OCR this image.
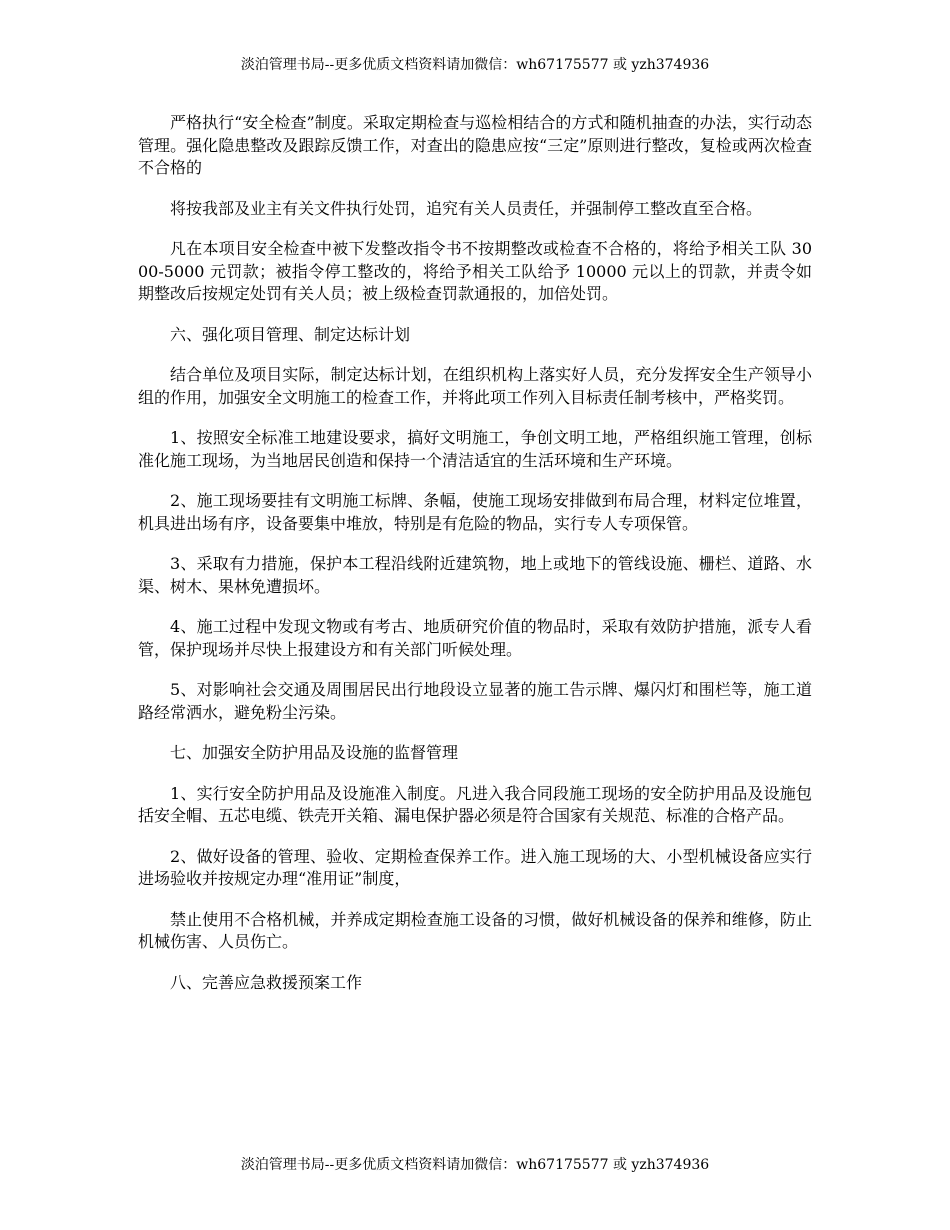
淡泊管理书局--更多优质文档资料请加微信：wh67175577 或 yzh374936

严格执行“安全检查”制度。采取定期检查与巡检相结合的方式和随机抽查的办法，实行动态管理。强化隐患整改及跟踪反馈工作，对查出的隐患应按“三定”原则进行整改，复检或两次检查不合格的

将按我部及业主有关文件执行处罚，追究有关人员责任，并强制停工整改直至合格。

凡在本项目安全检查中被下发整改指令书不按期整改或检查不合格的，将给予相关工队 3000-5000 元罚款；被指令停工整改的，将给予相关工队给予 10000 元以上的罚款，并责令如期整改后按规定处罚有关人员；被上级检查罚款通报的，加倍处罚。

六、强化项目管理、制定达标计划

结合单位及项目实际，制定达标计划，在组织机构上落实好人员，充分发挥安全生产领导小组的作用，加强安全文明施工的检查工作，并将此项工作列入目标责任制考核中，严格奖罚。

1、按照安全标准工地建设要求，搞好文明施工，争创文明工地，严格组织施工管理，创标准化施工现场，为当地居民创造和保持一个清洁适宜的生活环境和生产环境。

2、施工现场要挂有文明施工标牌、条幅，使施工现场安排做到布局合理，材料定位堆置，机具进出场有序，设备要集中堆放，特别是有危险的物品，实行专人专项保管。

3、采取有力措施，保护本工程沿线附近建筑物，地上或地下的管线设施、栅栏、道路、水渠、树木、果林免遭损坏。

4、施工过程中发现文物或有考古、地质研究价值的物品时，采取有效防护措施，派专人看管，保护现场并尽快上报建设方和有关部门听候处理。

5、对影响社会交通及周围居民出行地段设立显著的施工告示牌、爆闪灯和围栏等，施工道路经常洒水，避免粉尘污染。

七、加强安全防护用品及设施的监督管理

1、实行安全防护用品及设施准入制度。凡进入我合同段施工现场的安全防护用品及设施包括安全帽、五芯电缆、铁壳开关箱、漏电保护器必须是符合国家有关规范、标准的合格产品。

2、做好设备的管理、验收、定期检查保养工作。进入施工现场的大、小型机械设备应实行进场验收并按规定办理“准用证”制度，

禁止使用不合格机械，并养成定期检查施工设备的习惯，做好机械设备的保养和维修，防止机械伤害、人员伤亡。

八、完善应急救援预案工作

淡泊管理书局--更多优质文档资料请加微信：wh67175577 或 yzh374936
